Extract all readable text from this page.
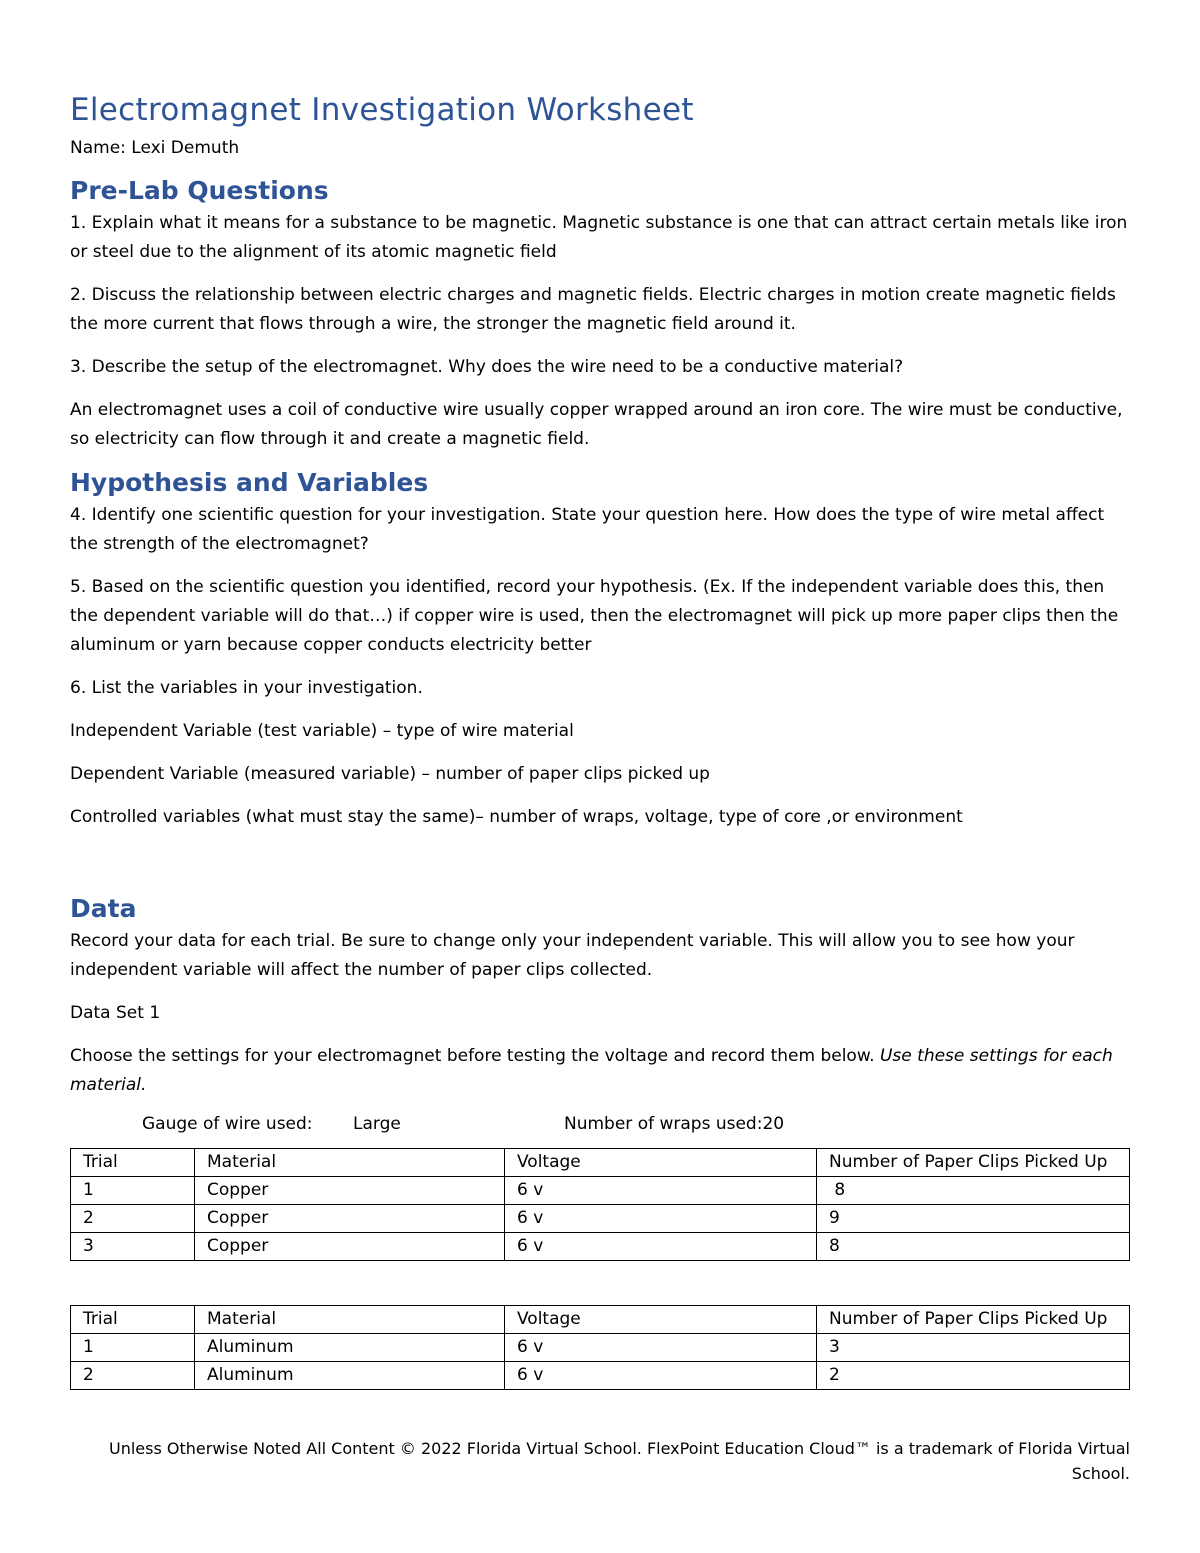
Electromagnet Investigation Worksheet
Name: Lexi Demuth
Pre-Lab Questions

1. Explain what it means for a substance to be magnetic. Magnetic substance is one that can attract certain metals like iron or steel due to the alignment of its atomic magnetic field

2. Discuss the relationship between electric charges and magnetic fields. Electric charges in motion create magnetic fields the more current that flows through a wire, the stronger the magnetic field around it.

3. Describe the setup of the electromagnet. Why does the wire need to be a conductive material?

An electromagnet uses a coil of conductive wire usually copper wrapped around an iron core. The wire must be conductive, so electricity can flow through it and create a magnetic field.

Hypothesis and Variables

4. Identify one scientific question for your investigation. State your question here. How does the type of wire metal affect the strength of the electromagnet?

5. Based on the scientific question you identified, record your hypothesis. (Ex. If the independent variable does this, then the dependent variable will do that…) if copper wire is used, then the electromagnet will pick up more paper clips then the aluminum or yarn because copper conducts electricity better

6. List the variables in your investigation.

Independent Variable (test variable) – type of wire material

Dependent Variable (measured variable) – number of paper clips picked up

Controlled variables (what must stay the same)– number of wraps, voltage, type of core ,or environment

Data

Record your data for each trial. Be sure to change only your independent variable. This will allow you to see how your independent variable will affect the number of paper clips collected.

Data Set 1

Choose the settings for your electromagnet before testing the voltage and record them below. Use these settings for each material.

Gauge of wire used: Large	Number of wraps used:20
Trial	Material	Voltage	Number of Paper Clips Picked Up
1	Copper	6 v	8
2	Copper	6 v	9
3	Copper	6 v	8
Trial	Material	Voltage	Number of Paper Clips Picked Up
1	Aluminum	6 v	3
2	Aluminum	6 v	2
Unless Otherwise Noted All Content © 2022 Florida Virtual School. FlexPoint Education Cloud™ is a trademark of Florida Virtual School.
